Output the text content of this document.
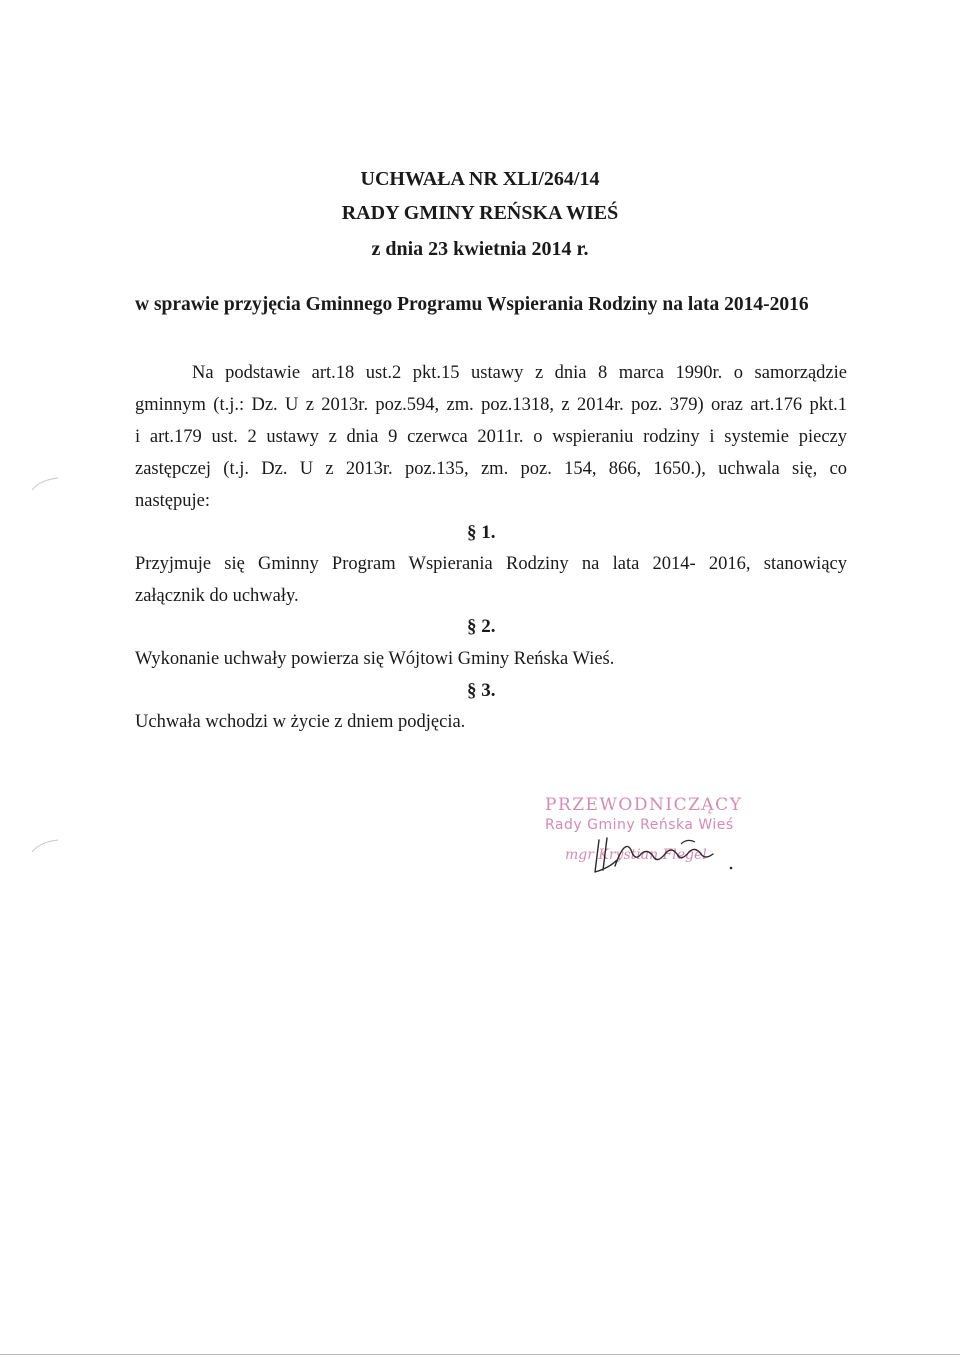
UCHWAŁA NR XLI/264/14
RADY GMINY REŃSKA WIEŚ
z dnia 23 kwietnia 2014 r.
w sprawie przyjęcia Gminnego Programu Wspierania Rodziny na lata 2014-2016
Na podstawie art.18 ust.2 pkt.15 ustawy z dnia 8 marca 1990r. o samorządzie
gminnym (t.j.: Dz. U z 2013r. poz.594, zm. poz.1318, z 2014r. poz. 379) oraz art.176 pkt.1
i art.179 ust. 2 ustawy z dnia 9 czerwca 2011r. o wspieraniu rodziny i systemie pieczy
zastępczej (t.j. Dz. U z 2013r. poz.135, zm. poz. 154, 866, 1650.), uchwala się, co
następuje:
§ 1.
Przyjmuje się Gminny Program Wspierania Rodziny na lata 2014- 2016, stanowiący
załącznik do uchwały.
§ 2.
Wykonanie uchwały powierza się Wójtowi Gminy Reńska Wieś.
§ 3.
Uchwała wchodzi w życie z dniem podjęcia.
PRZEWODNICZĄCY
Rady Gminy Reńska Wieś
mgr Krystian Flegel
